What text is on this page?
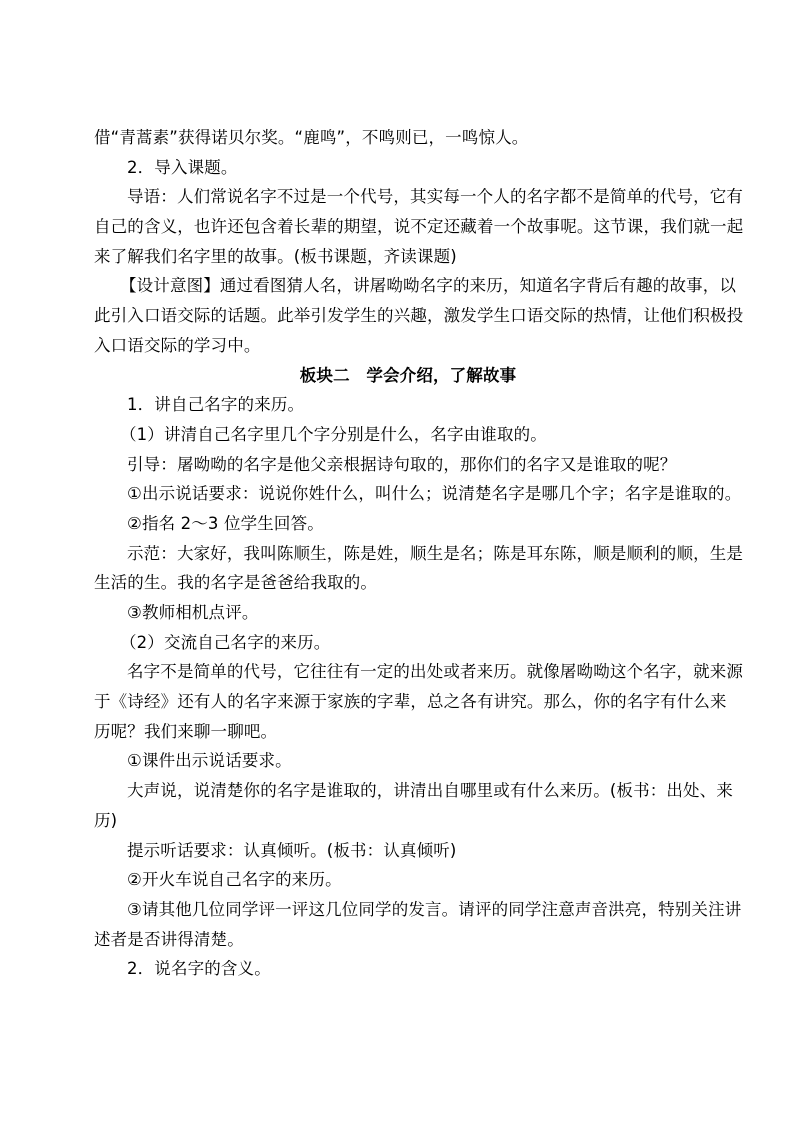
借“青蒿素”获得诺贝尔奖。“鹿鸣”，不鸣则已，一鸣惊人。
2．导入课题。
导语：人们常说名字不过是一个代号，其实每一个人的名字都不是简单的代号，它有
自己的含义，也许还包含着长辈的期望，说不定还藏着一个故事呢。这节课，我们就一起
来了解我们名字里的故事。(板书课题，齐读课题)
【设计意图】通过看图猜人名，讲屠呦呦名字的来历，知道名字背后有趣的故事，以
此引入口语交际的话题。此举引发学生的兴趣，激发学生口语交际的热情，让他们积极投
入口语交际的学习中。
板块二　学会介绍，了解故事
1．讲自己名字的来历。
（1）讲清自己名字里几个字分别是什么，名字由谁取的。
引导：屠呦呦的名字是他父亲根据诗句取的，那你们的名字又是谁取的呢？
①出示说话要求：说说你姓什么，叫什么；说清楚名字是哪几个字；名字是谁取的。
②指名 2～3 位学生回答。
示范：大家好，我叫陈顺生，陈是姓，顺生是名；陈是耳东陈，顺是顺利的顺，生是
生活的生。我的名字是爸爸给我取的。
③教师相机点评。
（2）交流自己名字的来历。
名字不是简单的代号，它往往有一定的出处或者来历。就像屠呦呦这个名字，就来源
于《诗经》还有人的名字来源于家族的字辈，总之各有讲究。那么，你的名字有什么来
历呢？我们来聊一聊吧。
①课件出示说话要求。
大声说，说清楚你的名字是谁取的，讲清出自哪里或有什么来历。(板书：出处、来
历)
提示听话要求：认真倾听。(板书：认真倾听)
②开火车说自己名字的来历。
③请其他几位同学评一评这几位同学的发言。请评的同学注意声音洪亮，特别关注讲
述者是否讲得清楚。
2．说名字的含义。
